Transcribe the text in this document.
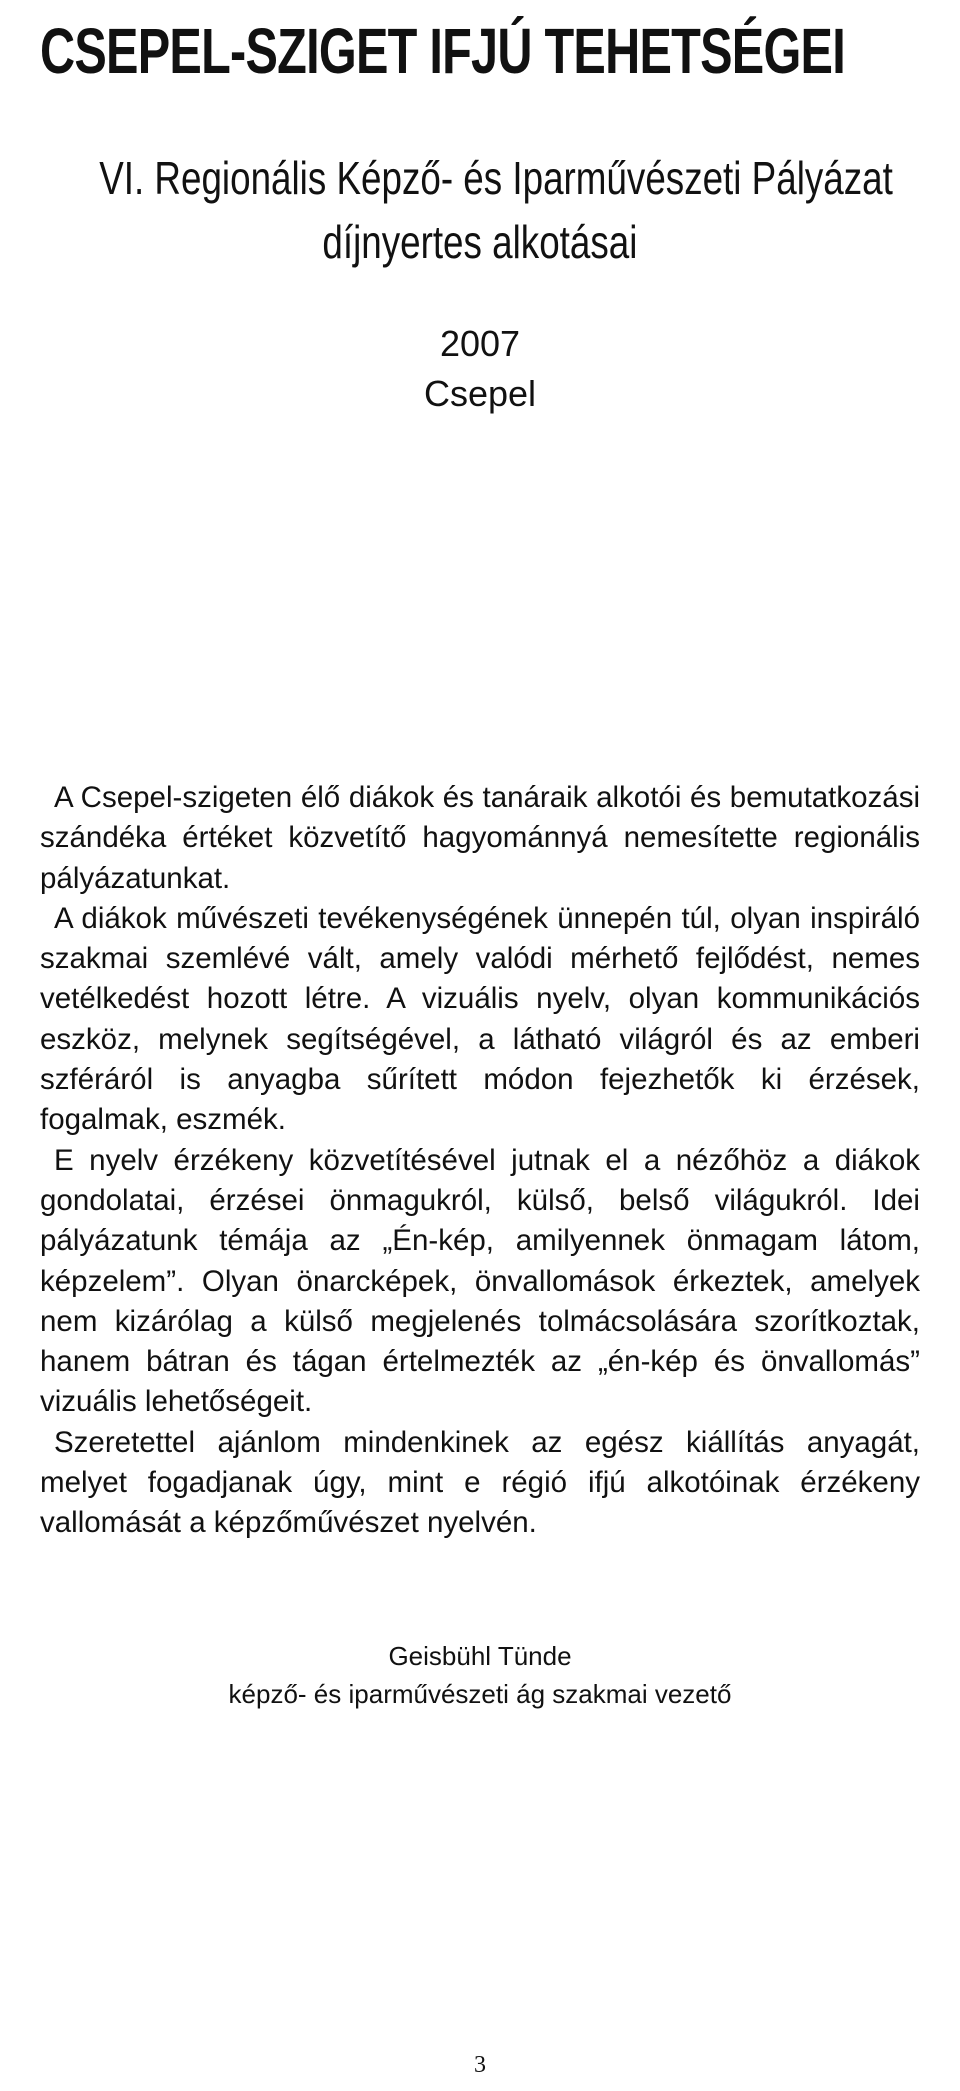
CSEPEL-SZIGET IFJÚ TEHETSÉGEI
VI. Regionális Képző- és Iparművészeti Pályázat
díjnyertes alkotásai
2007
Csepel

A Csepel-szigeten élő diákok és tanáraik alkotói és bemutatkozási szándéka értéket közvetítő hagyománnyá nemesítette regionális pályázatunkat.

A diákok művészeti tevékenységének ünnepén túl, olyan inspiráló szakmai szemlévé vált, amely valódi mérhető fejlődést, nemes vetélkedést hozott létre. A vizuális nyelv, olyan kommunikációs eszköz, melynek segítségével, a látható világról és az emberi szféráról is anyagba sűrített módon fejezhetők ki érzések, fogalmak, eszmék.

E nyelv érzékeny közvetítésével jutnak el a nézőhöz a diákok gondolatai, érzései önmagukról, külső, belső világukról. Idei pályázatunk témája az „Én-kép, amilyennek önmagam látom, képzelem”. Olyan önarcképek, önvallomások érkeztek, amelyek nem kizárólag a külső megjelenés tolmácsolására szorítkoztak, hanem bátran és tágan értelmezték az „én-kép és önvallomás” vizuális lehetőségeit.

Szeretettel ajánlom mindenkinek az egész kiállítás anyagát, melyet fogadjanak úgy, mint e régió ifjú alkotóinak érzékeny vallomását a képzőművészet nyelvén.

Geisbühl Tünde
képző- és iparművészeti ág szakmai vezető
3
